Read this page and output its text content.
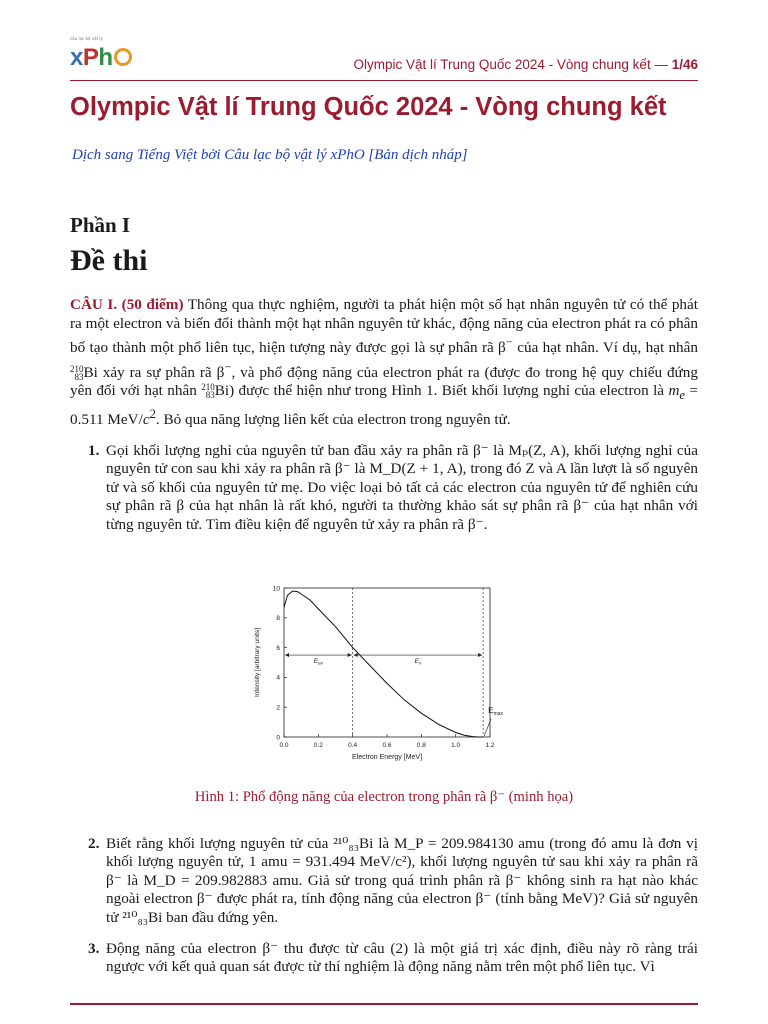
câu lạc bộ vật lý
xPh	Olympic Vật lí Trung Quốc 2024 - Vòng chung kết — 1/46
Olympic Vật lí Trung Quốc 2024 - Vòng chung kết
Dịch sang Tiếng Việt bởi Câu lạc bộ vật lý xPhO [Bản dịch nháp]
Phần I
Đề thi
CÂU I. (50 điểm) Thông qua thực nghiệm, người ta phát hiện một số hạt nhân nguyên tử có thể phát ra một electron và biến đổi thành một hạt nhân nguyên tử khác, động năng của electron phát ra có phân bố tạo thành một phổ liên tục, hiện tượng này được gọi là sự phân rã β− của hạt nhân. Ví dụ, hạt nhân 210
83Bi xảy ra sự phân rã β−, và phổ động năng của electron phát ra (được đo trong hệ quy chiếu đứng yên đối với hạt nhân 210
83Bi) được thể hiện như trong Hình 1. Biết khối lượng nghỉ của electron là $m_e = 0.511$ MeV/$c^2$. Bỏ qua năng lượng liên kết của electron trong nguyên tử.
1. Gọi khối lượng nghỉ của nguyên tử ban đầu xảy ra phân rã β⁻ là Mₚ(Z, A), khối lượng nghỉ của nguyên tử con sau khi xảy ra phân rã β⁻ là M_D(Z + 1, A), trong đó Z và A lần lượt là số nguyên tử và số khối của nguyên tử mẹ. Do việc loại bỏ tất cả các electron của nguyên tử để nghiên cứu sự phân rã β của hạt nhân là rất khó, người ta thường khảo sát sự phân rã β⁻ của hạt nhân với từng nguyên tử. Tìm điều kiện để nguyên tử xảy ra phân rã β⁻.
0.0	0.2	0.4	0.6	0.8	1.0	1.2
0
2
4
6
8
10
Electron Energy [MeV]
Intensity [arbitrary units]	$E_{av}$	$E_\nu$
$E_{max}$
Hình 1: Phổ động năng của electron trong phân rã β⁻ (minh họa)
2. Biết rằng khối lượng nguyên tử của ²¹⁰₈₃Bi là M_P = 209.984130 amu (trong đó amu là đơn vị khối lượng nguyên tử, 1 amu = 931.494 MeV/c²), khối lượng nguyên tử sau khi xảy ra phân rã β⁻ là M_D = 209.982883 amu. Giả sử trong quá trình phân rã β⁻ không sinh ra hạt nào khác ngoài electron β⁻ được phát ra, tính động năng của electron β⁻ (tính bằng MeV)? Giả sử nguyên tử ²¹⁰₈₃Bi ban đầu đứng yên.
3. Động năng của electron β⁻ thu được từ câu (2) là một giá trị xác định, điều này rõ ràng trái ngược với kết quả quan sát được từ thí nghiệm là động năng nằm trên một phổ liên tục. Vì
